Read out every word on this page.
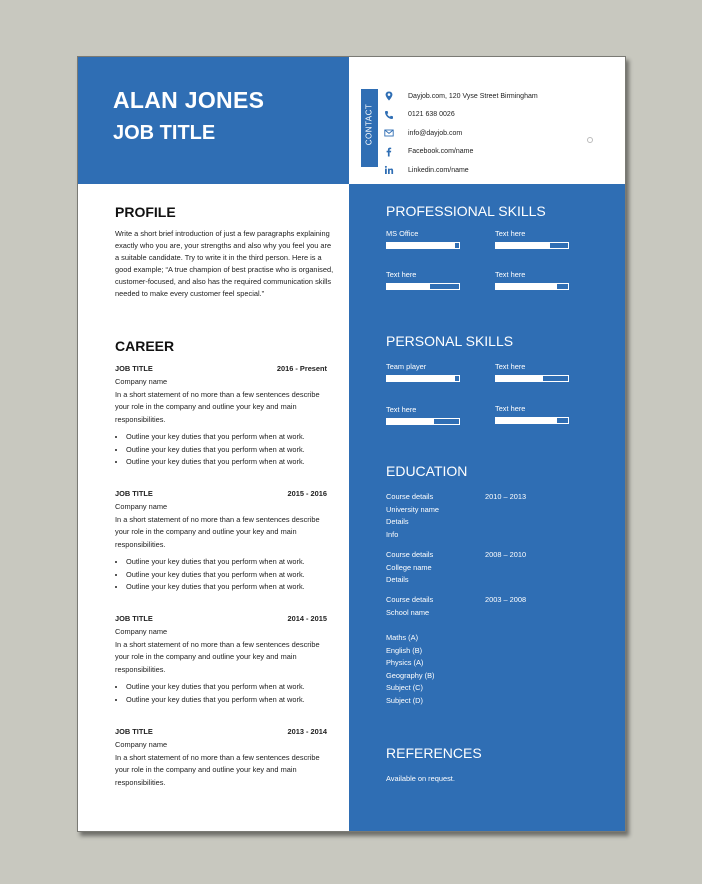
ALAN JONES
JOB TITLE	CONTACT
Dayjob.com, 120 Vyse Street Birmingham
0121 638 0026
info@dayjob.com
Facebook.com/name
Linkedin.com/name
PROFILE
Write a short brief introduction of just a few paragraphs explaining exactly who you are, your strengths and also why you feel you are a suitable candidate. Try to write it in the third person. Here is a good example; “A true champion of best practise who is organised, customer-focused, and also has the required communication skills needed to make every customer feel special.”
CAREER
JOB TITLE	2016 - Present
Company name
In a short statement of no more than a few sentences describe your role in the company and outline your key and main responsibilities.
• Outline your key duties that you perform when at work.
• Outline your key duties that you perform when at work.
• Outline your key duties that you perform when at work.
JOB TITLE	2015 - 2016
Company name
In a short statement of no more than a few sentences describe your role in the company and outline your key and main responsibilities.
• Outline your key duties that you perform when at work.
• Outline your key duties that you perform when at work.
• Outline your key duties that you perform when at work.
JOB TITLE	2014 - 2015
Company name
In a short statement of no more than a few sentences describe your role in the company and outline your key and main responsibilities.
• Outline your key duties that you perform when at work.
• Outline your key duties that you perform when at work.
JOB TITLE	2013 - 2014
Company name
In a short statement of no more than a few sentences describe your role in the company and outline your key and main responsibilities.
PROFESSIONAL SKILLS
MS Office	Text here
Text here	Text here
PERSONAL SKILLS
Team player	Text here
Text here	Text here
EDUCATION
Course details	2010 – 2013
University name
Details
Info
Course details	2008 – 2010
College name
Details
Course details	2003 – 2008
School name
Maths (A)
English (B)
Physics (A)
Geography (B)
Subject (C)
Subject (D)
REFERENCES
Available on request.
